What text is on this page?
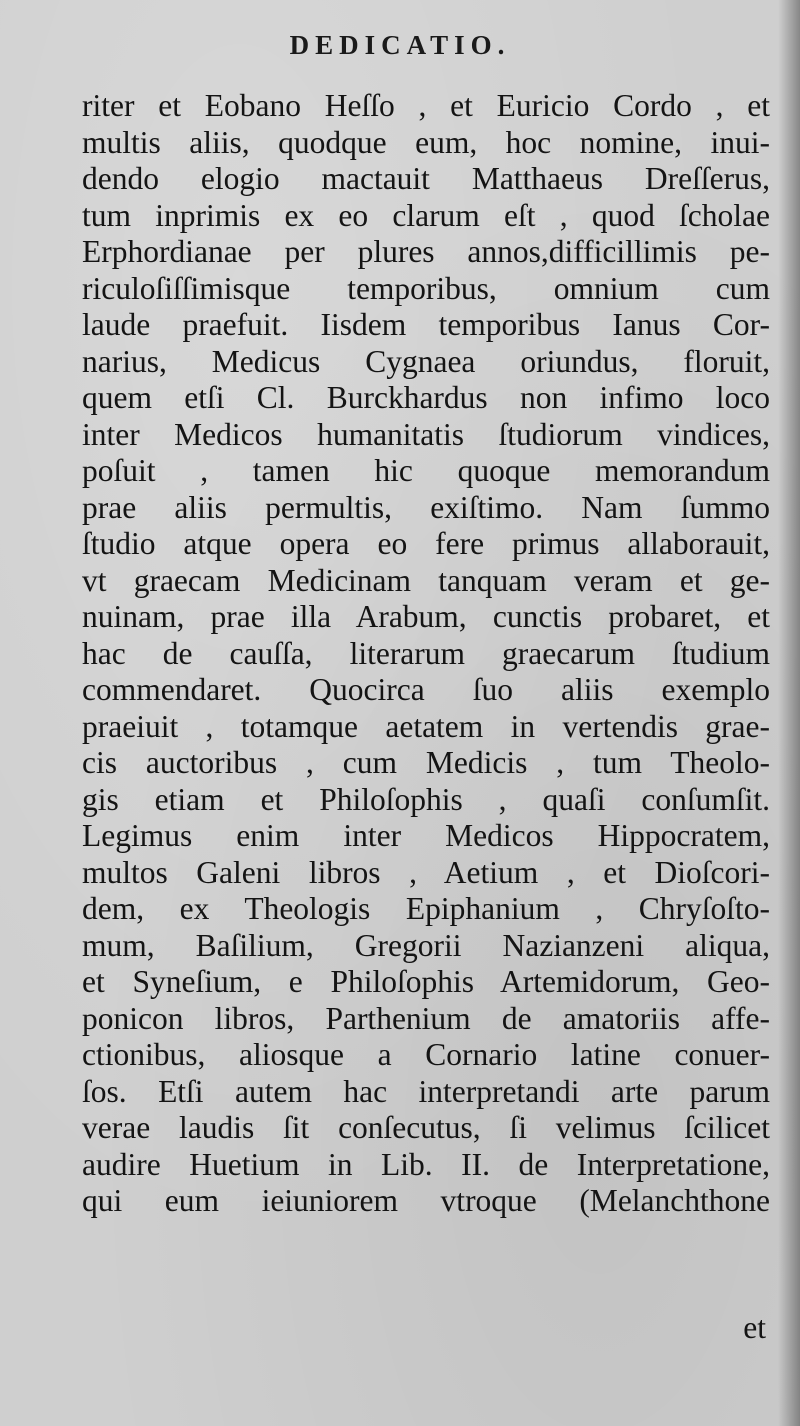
DEDICATIO.
riter et Eobano Heſſo , et Euricio Cordo , et
multis aliis, quodque eum, hoc nomine, inui-
dendo elogio mactauit Matthaeus Dreſſerus,
tum inprimis ex eo clarum eſt , quod ſcholae
Erphordianae per plures annos,difficillimis pe-
riculoſiſſimisque temporibus, omnium cum
laude praefuit. Iisdem temporibus Ianus Cor-
narius, Medicus Cygnaea oriundus, floruit,
quem etſi Cl. Burckhardus non infimo loco
inter Medicos humanitatis ſtudiorum vindices,
poſuit , tamen hic quoque memorandum
prae aliis permultis, exiſtimo. Nam ſummo
ſtudio atque opera eo fere primus allaborauit,
vt graecam Medicinam tanquam veram et ge-
nuinam, prae illa Arabum, cunctis probaret, et
hac de cauſſa, literarum graecarum ſtudium
commendaret. Quocirca ſuo aliis exemplo
praeiuit , totamque aetatem in vertendis grae-
cis auctoribus , cum Medicis , tum Theolo-
gis etiam et Philoſophis , quaſi conſumſit.
Legimus enim inter Medicos Hippocratem,
multos Galeni libros , Aetium , et Dioſcori-
dem, ex Theologis Epiphanium , Chryſoſto-
mum, Baſilium, Gregorii Nazianzeni aliqua,
et Syneſium, e Philoſophis Artemidorum, Geo-
ponicon libros, Parthenium de amatoriis affe-
ctionibus, aliosque a Cornario latine conuer-
ſos. Etſi autem hac interpretandi arte parum
verae laudis ſit conſecutus, ſi velimus ſcilicet
audire Huetium in Lib. II. de Interpretatione,
qui eum ieiuniorem vtroque (Melanchthone
et
